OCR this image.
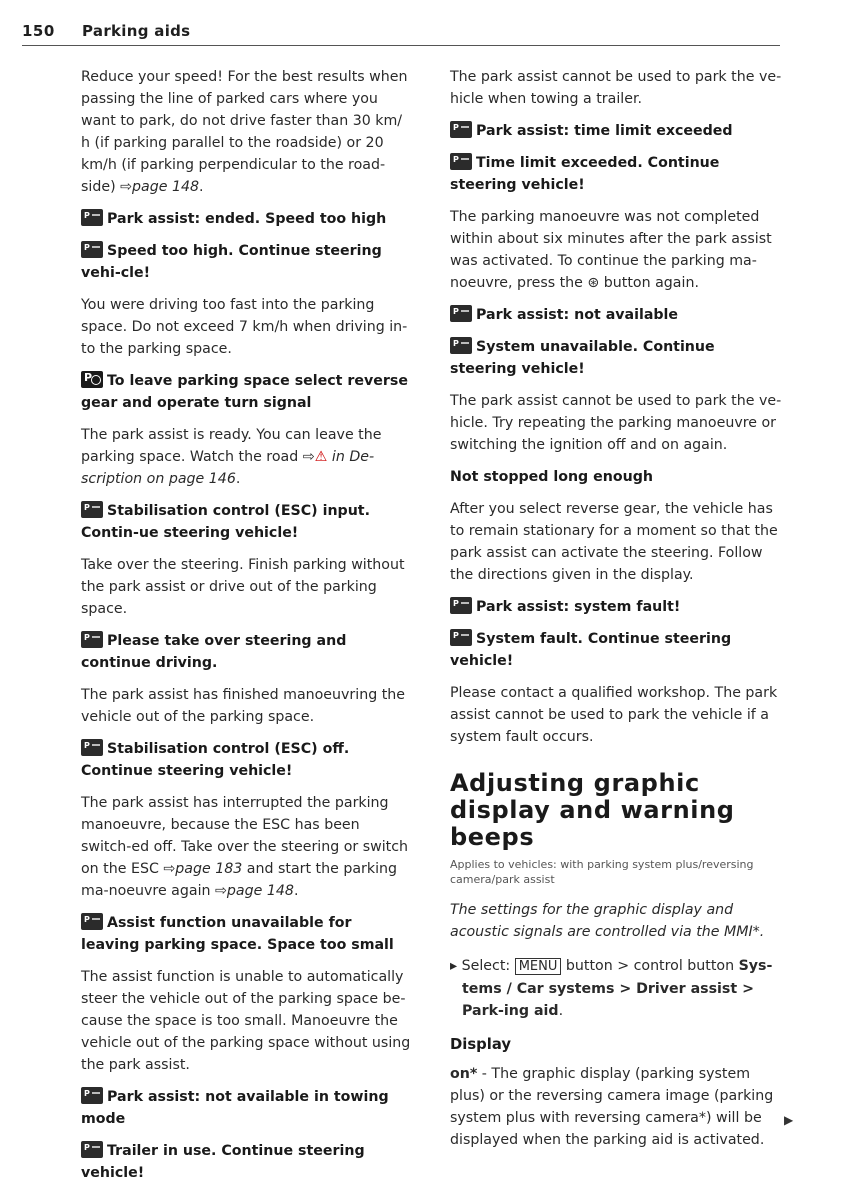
150 Parking aids

Reduce your speed! For the best results when passing the line of parked cars where you want to park, do not drive faster than 30 km/ h (if parking parallel to the roadside) or 20 km/h (if parking perpendicular to the road-side) ⇨page 148.

PPark assist: ended. Speed too high
PSpeed too high. Continue steering vehi-cle!

You were driving too fast into the parking space. Do not exceed 7 km/h when driving in-to the parking space.

PTo leave parking space select reverse gear and operate turn signal

The park assist is ready. You can leave the parking space. Watch the road ⇨⚠ in De-scription on page 146.

PStabilisation control (ESC) input. Contin-ue steering vehicle!

Take over the steering. Finish parking without the park assist or drive out of the parking space.

PPlease take over steering and continue driving.

The park assist has finished manoeuvring the vehicle out of the parking space.

PStabilisation control (ESC) off. Continue steering vehicle!

The park assist has interrupted the parking manoeuvre, because the ESC has been switch-ed off. Take over the steering or switch on the ESC ⇨page 183 and start the parking ma-noeuvre again ⇨page 148.

PAssist function unavailable for leaving parking space. Space too small

The assist function is unable to automatically steer the vehicle out of the parking space be-cause the space is too small. Manoeuvre the vehicle out of the parking space without using the park assist.

PPark assist: not available in towing mode
PTrailer in use. Continue steering vehicle!

The park assist cannot be used to park the ve-hicle when towing a trailer.

PPark assist: time limit exceeded
PTime limit exceeded. Continue steering vehicle!

The parking manoeuvre was not completed within about six minutes after the park assist was activated. To continue the parking ma-noeuvre, press the ⊛ button again.

PPark assist: not available
PSystem unavailable. Continue steering vehicle!

The park assist cannot be used to park the ve-hicle. Try repeating the parking manoeuvre or switching the ignition off and on again.

Not stopped long enough

After you select reverse gear, the vehicle has to remain stationary for a moment so that the park assist can activate the steering. Follow the directions given in the display.

PPark assist: system fault!
PSystem fault. Continue steering vehicle!

Please contact a qualified workshop. The park assist cannot be used to park the vehicle if a system fault occurs.

Adjusting graphic display and warning beeps
Applies to vehicles: with parking system plus/reversing camera/park assist
The settings for the graphic display and acoustic signals are controlled via the MMI*.
▸ Select: MENU button > control button Sys-tems / Car systems > Driver assist > Park-ing aid.
Display

on* - The graphic display (parking system plus) or the reversing camera image (parking system plus with reversing camera*) will be displayed when the parking aid is activated.

▶
